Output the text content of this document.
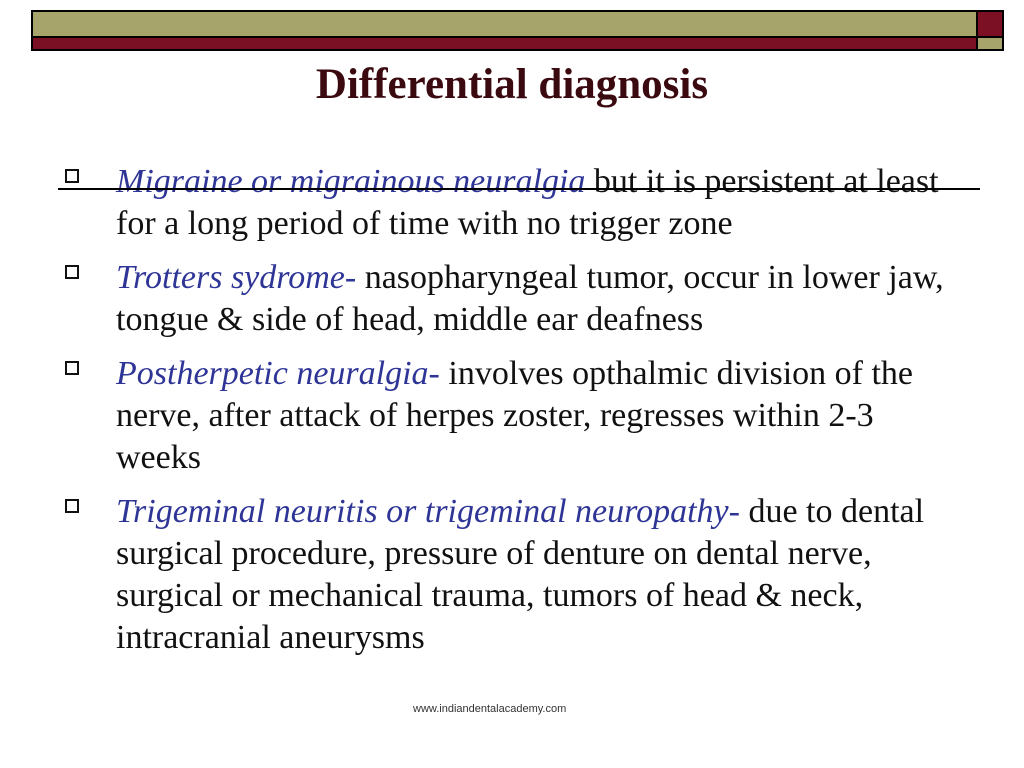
Differential diagnosis
Migraine or migrainous neuralgia but it is persistent at least for a long period of time with no trigger zone
Trotters sydrome- nasopharyngeal tumor, occur in lower jaw, tongue & side of head, middle ear deafness
Postherpetic neuralgia- involves opthalmic division of the nerve, after attack of herpes zoster, regresses within 2-3 weeks
Trigeminal neuritis or trigeminal neuropathy- due to dental surgical procedure, pressure of denture on dental nerve, surgical or mechanical trauma, tumors of head & neck, intracranial aneurysms
www.indiandentalacademy.com
